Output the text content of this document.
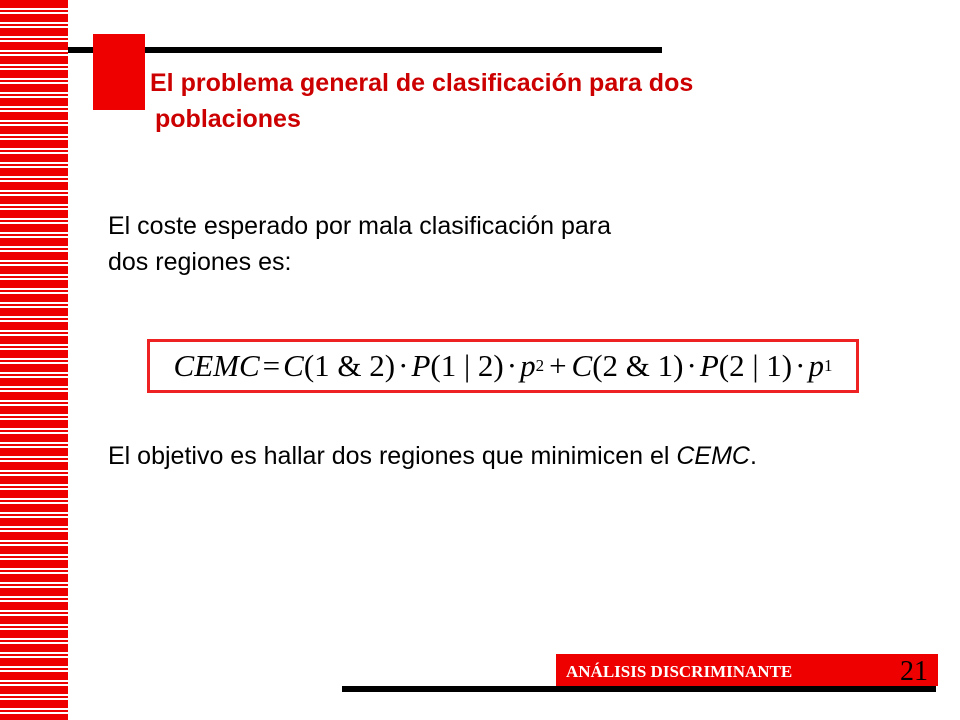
El problema general de clasificación para dos
poblaciones
El coste esperado por mala clasificación para
dos regiones es:
CEMC = C (1 & 2) · P (1 | 2) · p 2 + C (2 & 1) · P (2 | 1) · p 1
El objetivo es hallar dos regiones que minimicen el CEMC.
ANÁLISIS DISCRIMINANTE	21
